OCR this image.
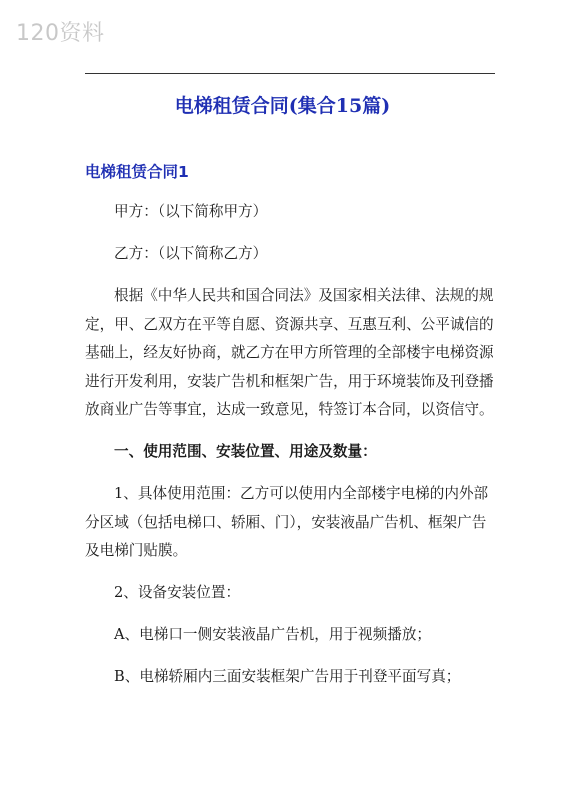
120资料
电梯租赁合同(集合15篇)
电梯租赁合同1

甲方：（以下简称甲方）

乙方：（以下简称乙方）

根据《中华人民共和国合同法》及国家相关法律、法规的规定，甲、乙双方在平等自愿、资源共享、互惠互利、公平诚信的基础上，经友好协商，就乙方在甲方所管理的全部楼宇电梯资源进行开发利用，安装广告机和框架广告，用于环境装饰及刊登播放商业广告等事宜，达成一致意见，特签订本合同，以资信守。

一、使用范围、安装位置、用途及数量：

1、具体使用范围：乙方可以使用内全部楼宇电梯的内外部分区域（包括电梯口、轿厢、门），安装液晶广告机、框架广告及电梯门贴膜。

2、设备安装位置：

A、电梯口一侧安装液晶广告机，用于视频播放；

B、电梯轿厢内三面安装框架广告用于刊登平面写真；
